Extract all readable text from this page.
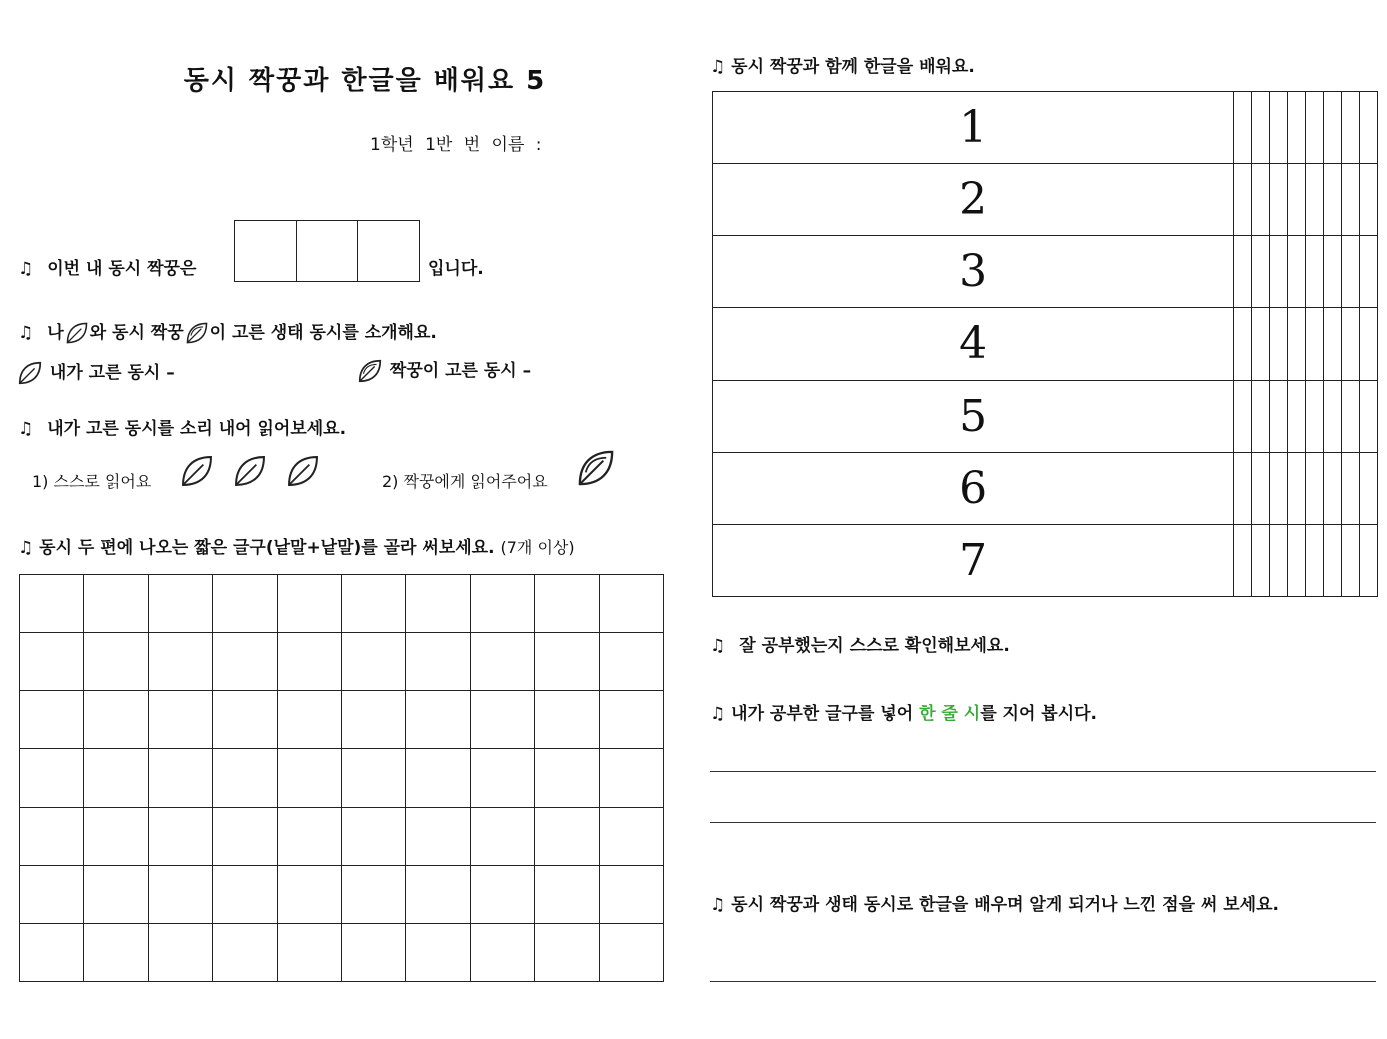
동시 짝꿍과 한글을 배워요 5
1학년 1반 번 이름 :
♫ 이번 내 동시 짝꿍은	입니다.
♫ 나 와 동시 짝꿍 이 고른 생태 동시를 소개해요.
내가 고른 동시 –	짝꿍이 고른 동시 –
♫ 내가 고른 동시를 소리 내어 읽어보세요.
1) 스스로 읽어요
	2) 짝꿍에게 읽어주어요
♫ 동시 두 편에 나오는 짧은 글구(낱말+낱말)를 골라 써보세요. (7개 이상)

♫ 동시 짝꿍과 함께 한글을 배워요.
1								
2								
3								
4								
5								
6								
7								
♫ 잘 공부했는지 스스로 확인해보세요.
♫ 내가 공부한 글구를 넣어 한 줄 시를 지어 봅시다.
♫ 동시 짝꿍과 생태 동시로 한글을 배우며 알게 되거나 느낀 점을 써 보세요.
